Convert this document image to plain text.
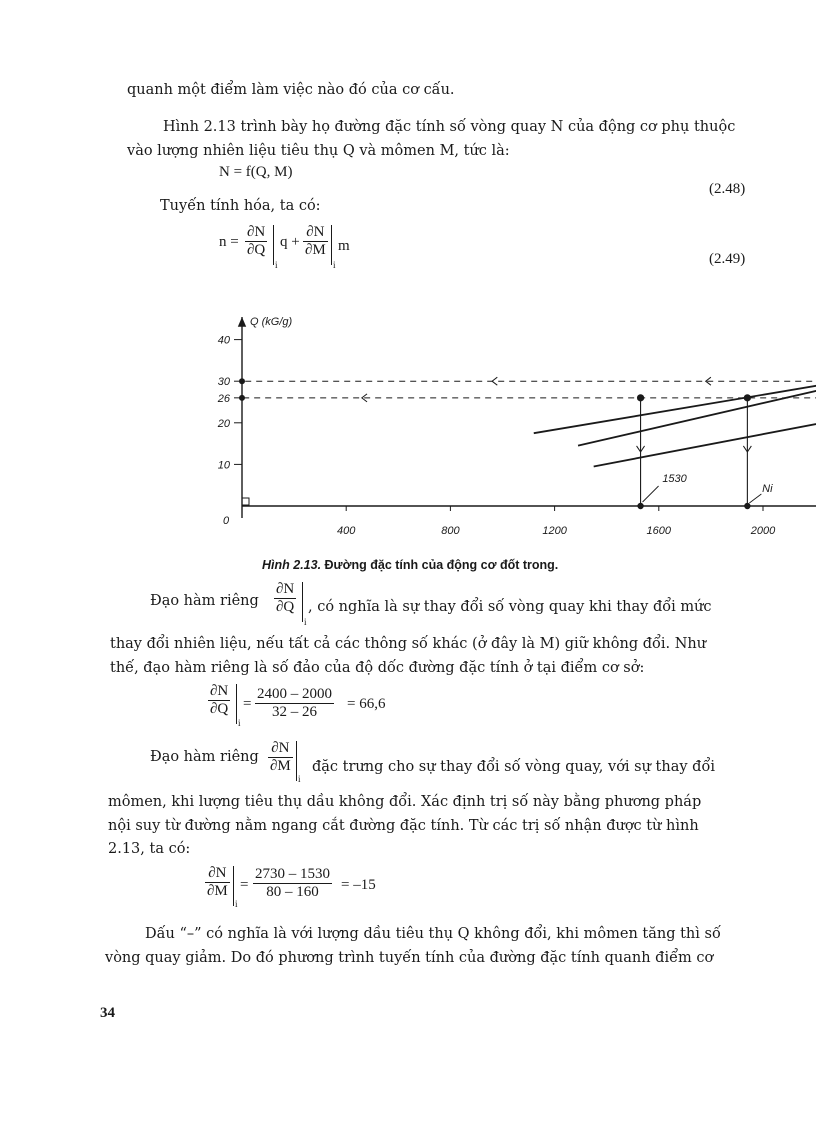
quanh một điểm làm việc nào đó của cơ cấu.
Hình 2.13 trình bày họ đường đặc tính số vòng quay N của động cơ phụ thuộc
vào lượng nhiên liệu tiêu thụ Q và mômen M, tức là:
N = f(Q, M)
(2.48)
Tuyến tính hóa, ta có:
n =
∂N
∂Q
i
q +
∂N
∂M
i
m
(2.49)
0
400	800	1200	1600	2000
10
20
26
30
40
Q (kG/g)
1530
Ni
Hình 2.13. Đường đặc tính của động cơ đốt trong.
Đạo hàm riêng
∂N
∂Q
i
, có nghĩa là sự thay đổi số vòng quay khi thay đổi mức
thay đổi nhiên liệu, nếu tất cả các thông số khác (ở đây là M) giữ không đổi. Như
thế, đạo hàm riêng là số đảo của độ dốc đường đặc tính ở tại điểm cơ sở:
∂N
∂Q
i
=
2400 – 2000
32 – 26 = 66,6
Đạo hàm riêng
∂N
∂M
i
đặc trưng cho sự thay đổi số vòng quay, với sự thay đổi
mômen, khi lượng tiêu thụ dầu không đổi. Xác định trị số này bằng phương pháp
nội suy từ đường nằm ngang cắt đường đặc tính. Từ các trị số nhận được từ hình
2.13, ta có:
∂N
∂M
i
=
2730 – 1530
80 – 160 = –15
Dấu “–” có nghĩa là với lượng dầu tiêu thụ Q không đổi, khi mômen tăng thì số
vòng quay giảm. Do đó phương trình tuyến tính của đường đặc tính quanh điểm cơ
34
